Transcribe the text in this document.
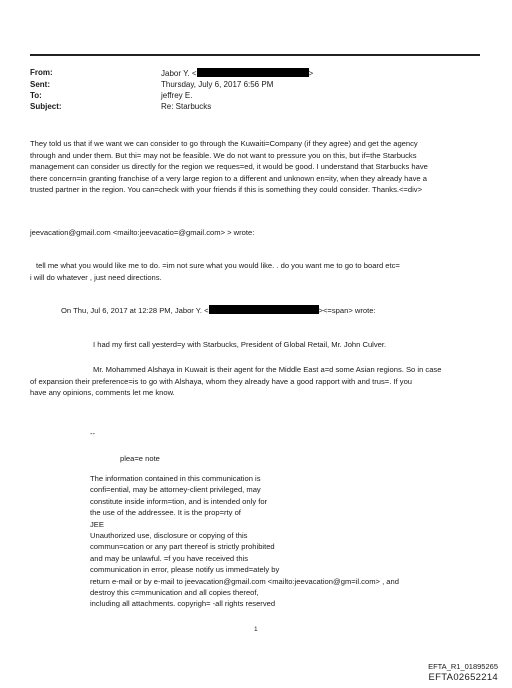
From:	Jabor Y. <	>
Sent:	Thursday, July 6, 2017 6:56 PM
To:	jeffrey E.
Subject:	Re: Starbucks
They told us that if we want we can consider to go through the Kuwaiti=Company (if they agree) and get the agency
through and under them. But thi= may not be feasible. We do not want to pressure you on this, but if=the Starbucks
management can consider us directly for the region we reques=ed, it would be good. I understand that Starbucks have
there concern=in granting franchise of a very large region to a different and unknown en=ity, when they already have a
trusted partner in the region. You can=check with your friends if this is something they could consider. Thanks.<=div>
jeevacation@gmail.com <mailto:jeevacatio=@gmail.com> > wrote:
tell me what you would like me to do. =im not sure what you would like. . do you want me to go to board etc=
i will do whatever , just need directions.
On Thu, Jul 6, 2017 at 12:28 PM, Jabor Y. <	><=span> wrote:
I had my first call yesterd=y with Starbucks, President of Global Retail, Mr. John Culver.
Mr. Mohammed Alshaya in Kuwait is their agent for the Middle East a=d some Asian regions. So in case
of expansion their preference=is to go with Alshaya, whom they already have a good rapport with and trus=. If you
have any opinions, comments let me know.
--
plea=e note
The information contained in this communication is
confi=ential, may be attorney-client privileged, may
constitute inside inform=tion, and is intended only for
the use of the addressee. It is the prop=rty of
JEE
Unauthorized use, disclosure or copying of this
commun=cation or any part thereof is strictly prohibited
and may be unlawful. =f you have received this
communication in error, please notify us immed=ately by
return e-mail or by e-mail to jeevacation@gmail.com <mailto:jeevacation@gm=il.com> , and
destroy this c=mmunication and all copies thereof,
including all attachments. copyrigh= -all rights reserved
1
EFTA_R1_01895265
EFTA02652214
